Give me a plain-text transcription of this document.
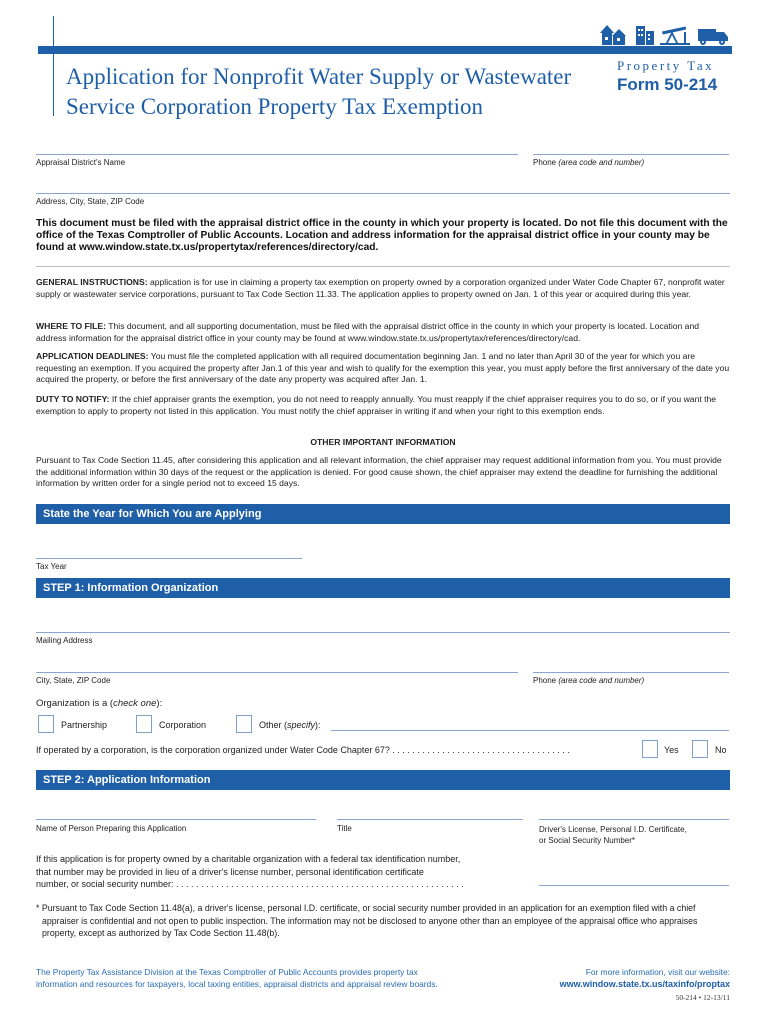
Application for Nonprofit Water Supply or Wastewater
Service Corporation Property Tax Exemption
Property Tax
Form 50-214
Appraisal District's Name	Phone (area code and number)
Address, City, State, ZIP Code
This document must be filed with the appraisal district office in the county in which your property is located. Do not file this document with the office of the Texas Comptroller of Public Accounts. Location and address information for the appraisal district office in your county may be found at www.window.state.tx.us/propertytax/references/directory/cad.
GENERAL INSTRUCTIONS: application is for use in claiming a property tax exemption on property owned by a corporation organized under Water Code Chapter 67, nonprofit water supply or wastewater service corporations, pursuant to Tax Code Section 11.33. The application applies to property owned on Jan. 1 of this year or acquired during this year.
WHERE TO FILE: This document, and all supporting documentation, must be filed with the appraisal district office in the county in which your property is located. Location and address information for the appraisal district office in your county may be found at www.window.state.tx.us/propertytax/references/directory/cad.
APPLICATION DEADLINES: You must file the completed application with all required documentation beginning Jan. 1 and no later than April 30 of the year for which you are requesting an exemption. If you acquired the property after Jan.1 of this year and wish to qualify for the exemption this year, you must apply before the first anniversary of the date you acquired the property, or before the first anniversary of the date any property was acquired after Jan. 1.
DUTY TO NOTIFY: If the chief appraiser grants the exemption, you do not need to reapply annually. You must reapply if the chief appraiser requires you to do so, or if you want the exemption to apply to property not listed in this application. You must notify the chief appraiser in writing if and when your right to this exemption ends.
OTHER IMPORTANT INFORMATION
Pursuant to Tax Code Section 11.45, after considering this application and all relevant information, the chief appraiser may request additional information from you. You must provide the additional information within 30 days of the request or the application is denied. For good cause shown, the chief appraiser may extend the deadline for furnishing the additional information by written order for a single period not to exceed 15 days.
State the Year for Which You are Applying
Tax Year
STEP 1: Information Organization
Mailing Address
City, State, ZIP Code	Phone (area code and number)
Organization is a (check one):
Partnership	Corporation	Other (specify):
If operated by a corporation, is the corporation organized under Water Code Chapter 67? . . . . . . . . . . . . . . . . . . . . . . . . . . . . . . . . . . . .	Yes	No
STEP 2: Application Information
Name of Person Preparing this Application	Title	Driver's License, Personal I.D. Certificate,
or Social Security Number*
If this application is for property owned by a charitable organization with a federal tax identification number,
that number may be provided in lieu of a driver's license number, personal identification certificate
number, or social security number: . . . . . . . . . . . . . . . . . . . . . . . . . . . . . . . . . . . . . . . . . . . . . . . . . . . . . . . . . .
* Pursuant to Tax Code Section 11.48(a), a driver's license, personal I.D. certificate, or social security number provided in an application for an exemption filed with a chief appraiser is confidential and not open to public inspection. The information may not be disclosed to anyone other than an employee of the appraisal office who appraises property, except as authorized by Tax Code Section 11.48(b).
The Property Tax Assistance Division at the Texas Comptroller of Public Accounts provides property tax
information and resources for taxpayers, local taxing entities, appraisal districts and appraisal review boards.
For more information, visit our website:
www.window.state.tx.us/taxinfo/proptax
50-214 • 12-13/11
